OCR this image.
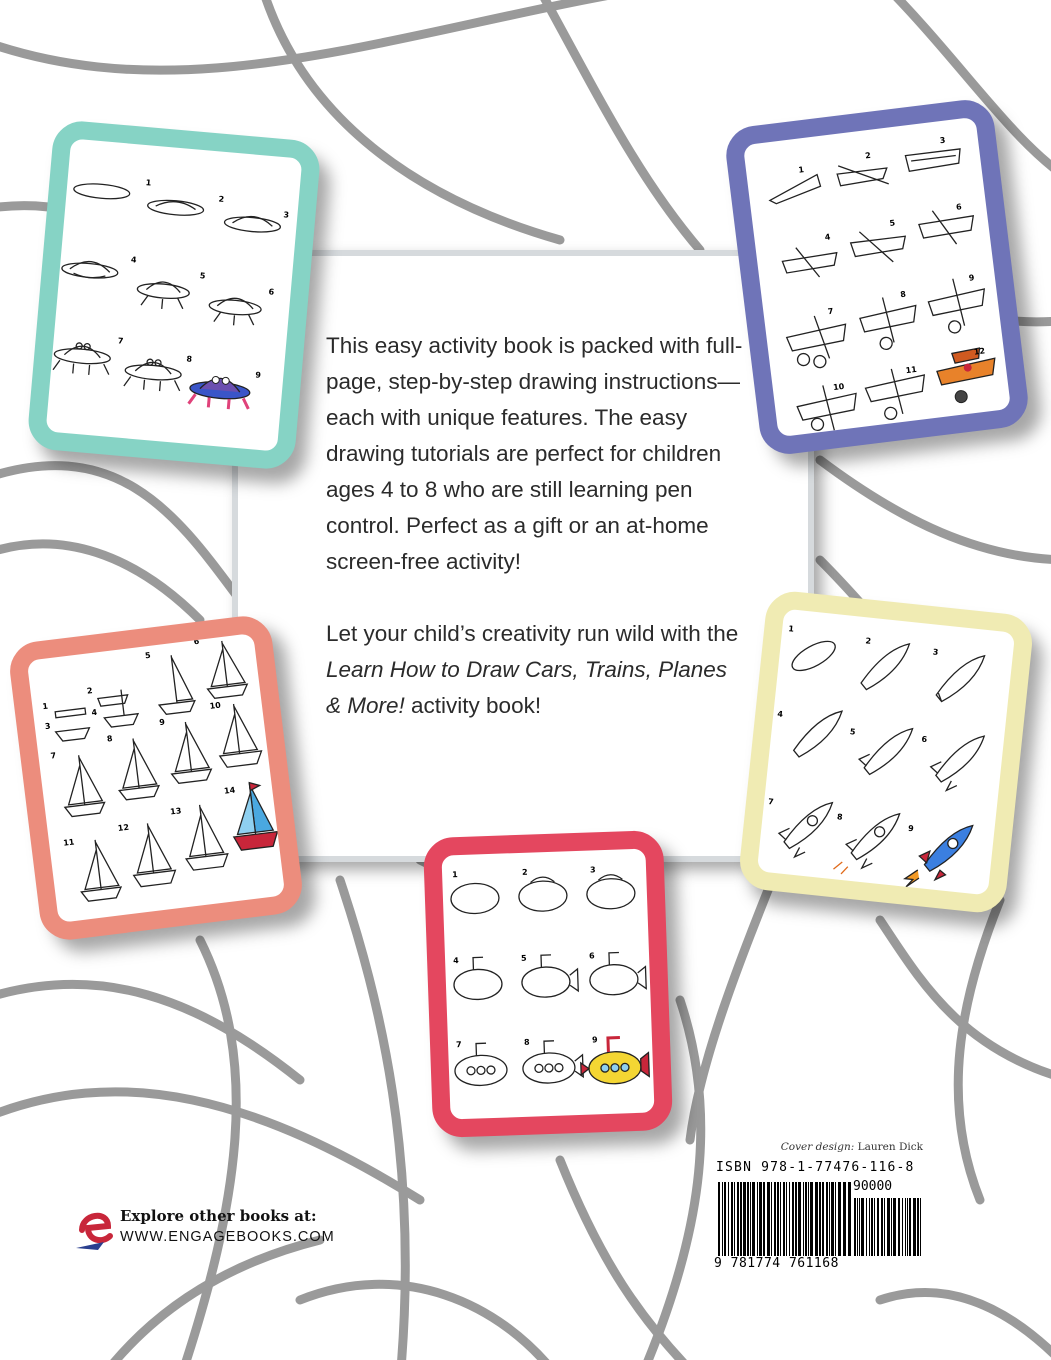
This easy activity book is packed with full-page, step-by-step drawing instructions—each with unique features. The easy drawing tutorials are perfect for children ages 4 to 8 who are still learning pen control. Perfect as a gift or an at-home screen-free activity!

Let your child’s creativity run wild with the Learn How to Draw Cars, Trains, Planes & More! activity book!

1
2
3
4
5
6
7
8
9
1
2
3
4
5
6
7
8
9
10
11
12
1
2
3
4
5
6
7
8
9
10
11
12
13
14
1	2	3
4	5	6
7	8	9
1
2
3
4
5
6
7
8
9
Cover design: Lauren Dick
ISBN 978-1-77476-116-8
90000
9 781774 761168
Explore other books at:
WWW.ENGAGEBOOKS.COM
